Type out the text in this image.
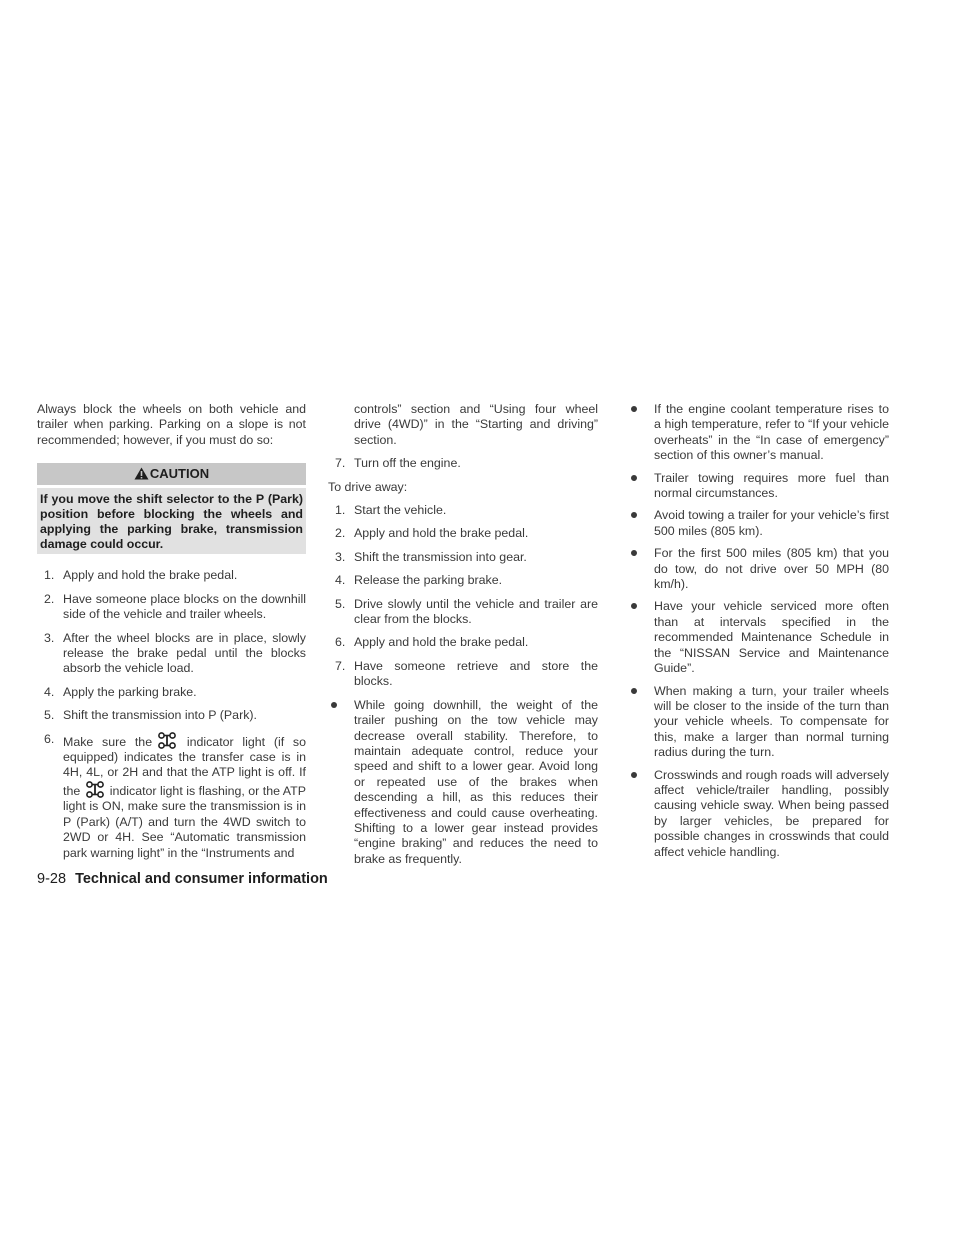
Always block the wheels on both vehicle and trailer when parking. Parking on a slope is not recommended; however, if you must do so:

CAUTION
If you move the shift selector to the P (Park) position before blocking the wheels and applying the parking brake, transmission damage could occur.
1. Apply and hold the brake pedal.
2. Have someone place blocks on the downhill side of the vehicle and trailer wheels.
3. After the wheel blocks are in place, slowly release the brake pedal until the blocks absorb the vehicle load.
4. Apply the parking brake.
5. Shift the transmission into P (Park).
6. Make sure the	indicator light (if so equipped) indicates the transfer case is in 4H, 4L, or 2H and that the ATP light is off. If the indicator light is flashing, or the ATP light is ON, make sure the transmission is in P (Park) (A/T) and turn the 4WD switch to 2WD or 4H. See “Automatic transmission park warning light” in the “Instruments and

controls” section and “Using four wheel drive (4WD)” in the “Starting and driving” section.

7. Turn off the engine.

To drive away:

1. Start the vehicle.
2. Apply and hold the brake pedal.
3. Shift the transmission into gear.
4. Release the parking brake.
5. Drive slowly until the vehicle and trailer are clear from the blocks.
6. Apply and hold the brake pedal.
7. Have someone retrieve and store the blocks.
While going downhill, the weight of the trailer pushing on the tow vehicle may decrease overall stability. Therefore, to maintain adequate control, reduce your speed and shift to a lower gear. Avoid long or repeated use of the brakes when descending a hill, as this reduces their effectiveness and could cause overheating. Shifting to a lower gear instead provides “engine braking” and reduces the need to brake as frequently.
If the engine coolant temperature rises to a high temperature, refer to “If your vehicle overheats” in the “In case of emergency” section of this owner’s manual.
Trailer towing requires more fuel than normal circumstances.
Avoid towing a trailer for your vehicle’s first 500 miles (805 km).
For the first 500 miles (805 km) that you do tow, do not drive over 50 MPH (80 km/h).
Have your vehicle serviced more often than at intervals specified in the recommended Maintenance Schedule in the “NISSAN Service and Maintenance Guide”.
When making a turn, your trailer wheels will be closer to the inside of the turn than your vehicle wheels. To compensate for this, make a larger than normal turning radius during the turn.
Crosswinds and rough roads will adversely affect vehicle/trailer handling, possibly causing vehicle sway. When being passed by larger vehicles, be prepared for possible changes in crosswinds that could affect vehicle handling.
9-28 Technical and consumer information
